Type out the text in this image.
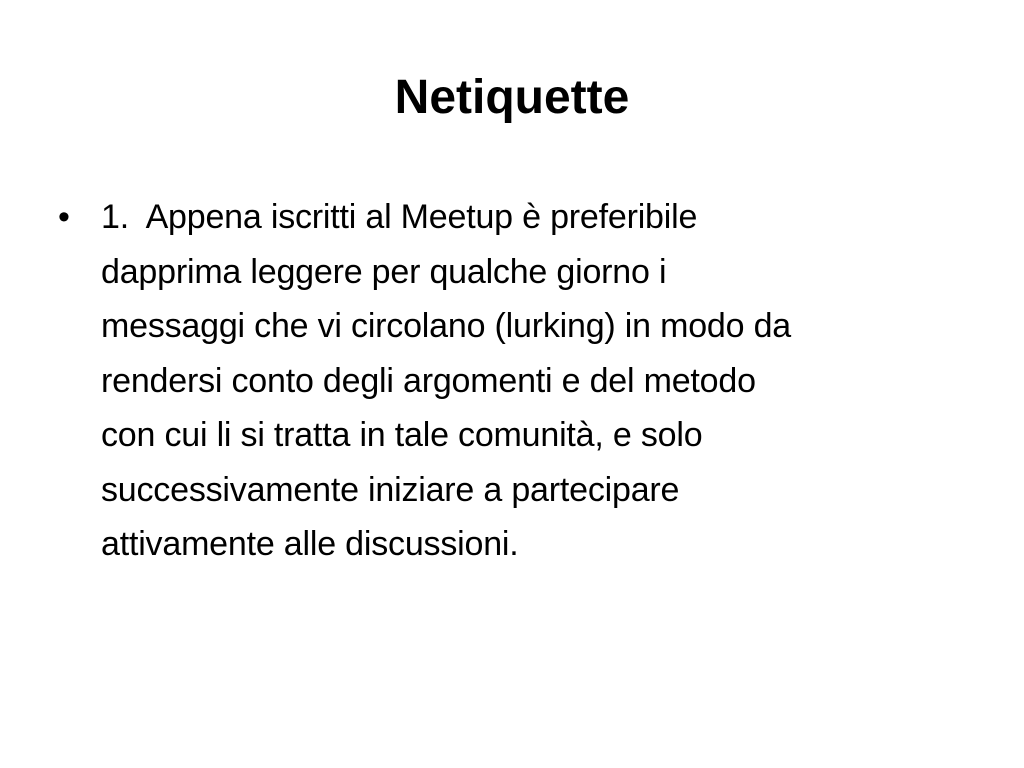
Netiquette
• 1.  Appena iscritti al Meetup è preferibile
dapprima leggere per qualche giorno i
messaggi che vi circolano (lurking) in modo da
rendersi conto degli argomenti e del metodo
con cui li si tratta in tale comunità, e solo
successivamente iniziare a partecipare
attivamente alle discussioni.
